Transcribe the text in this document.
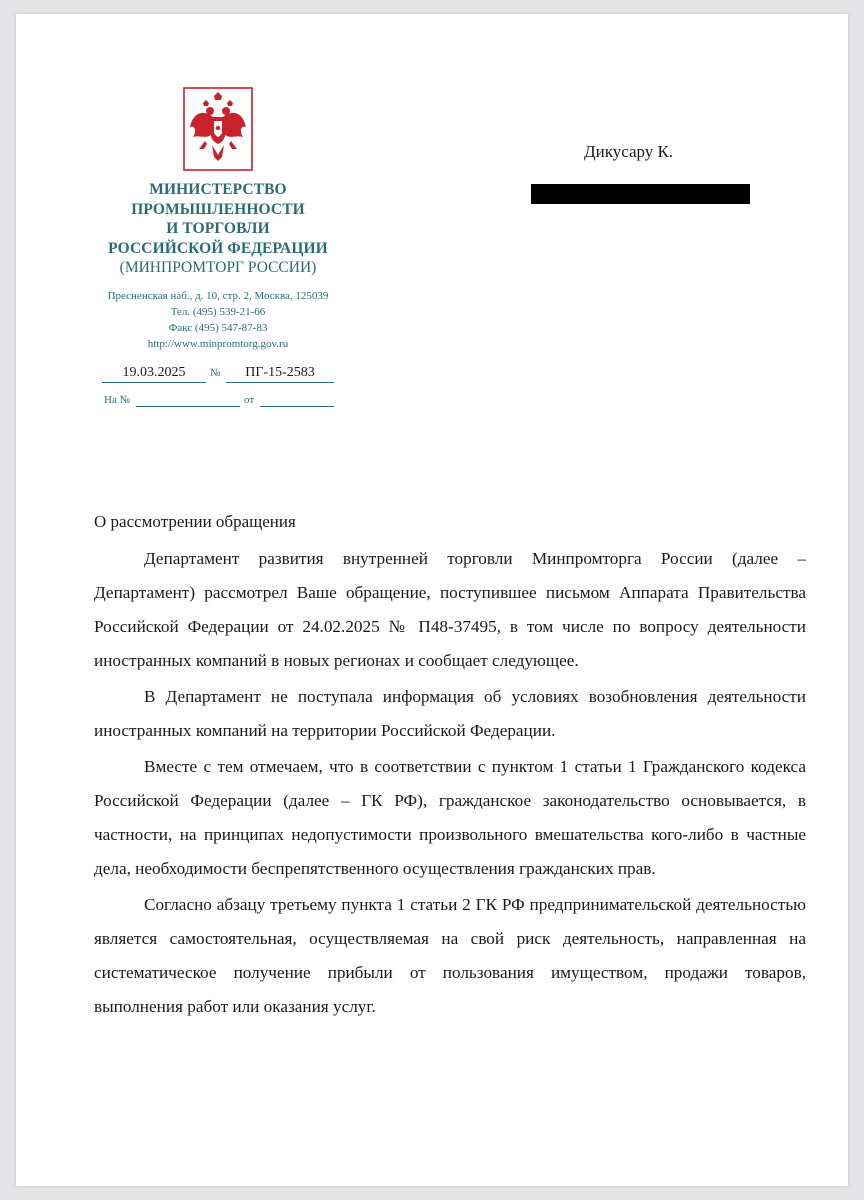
МИНИСТЕРСТВО
ПРОМЫШЛЕННОСТИ
И ТОРГОВЛИ
РОССИЙСКОЙ ФЕДЕРАЦИИ
(МИНПРОМТОРГ РОССИИ)
Пресненская наб., д. 10, стр. 2, Москва, 125039
Тел. (495) 539-21-66
Факс (495) 547-87-83
http://www.minpromtorg.gov.ru
19.03.2025	№	ПГ-15-2583
На №	от
Дикусару К.
О рассмотрении обращения

Департамент развития внутренней торговли Минпромторга России (далее – Департамент) рассмотрел Ваше обращение, поступившее письмом Аппарата Правительства Российской Федерации от 24.02.2025 № П48-37495, в том числе по вопросу деятельности иностранных компаний в новых регионах и сообщает следующее.

В Департамент не поступала информация об условиях возобновления деятельности иностранных компаний на территории Российской Федерации.

Вместе с тем отмечаем, что в соответствии с пунктом 1 статьи 1 Гражданского кодекса Российской Федерации (далее – ГК РФ), гражданское законодательство основывается, в частности, на принципах недопустимости произвольного вмешательства кого-либо в частные дела, необходимости беспрепятственного осуществления гражданских прав.

Согласно абзацу третьему пункта 1 статьи 2 ГК РФ предпринимательской деятельностью является самостоятельная, осуществляемая на свой риск деятельность, направленная на систематическое получение прибыли от пользования имуществом, продажи товаров, выполнения работ или оказания услуг.
